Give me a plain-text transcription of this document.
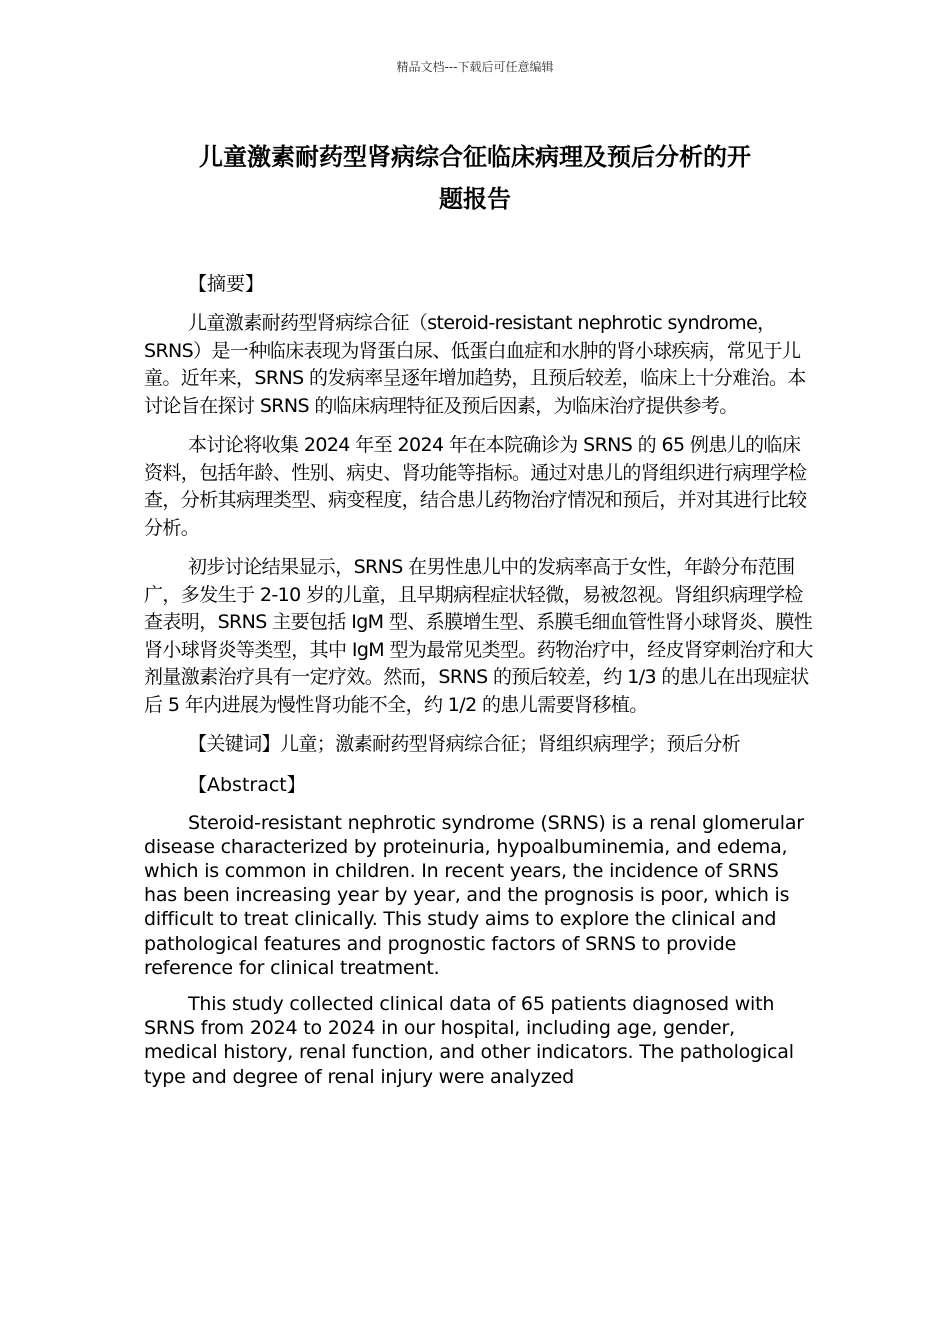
精品文档---下载后可任意编辑
儿童激素耐药型肾病综合征临床病理及预后分析的开
题报告

【摘要】

儿童激素耐药型肾病综合征（steroid-resistant nephrotic syndrome，SRNS）是一种临床表现为肾蛋白尿、低蛋白血症和水肿的肾小球疾病，常见于儿童。近年来，SRNS 的发病率呈逐年增加趋势，且预后较差，临床上十分难治。本讨论旨在探讨 SRNS 的临床病理特征及预后因素，为临床治疗提供参考。

本讨论将收集 2024 年至 2024 年在本院确诊为 SRNS 的 65 例患儿的临床资料，包括年龄、性别、病史、肾功能等指标。通过对患儿的肾组织进行病理学检查，分析其病理类型、病变程度，结合患儿药物治疗情况和预后，并对其进行比较分析。

初步讨论结果显示，SRNS 在男性患儿中的发病率高于女性，年龄分布范围广，多发生于 2-10 岁的儿童，且早期病程症状轻微，易被忽视。肾组织病理学检查表明，SRNS 主要包括 IgM 型、系膜增生型、系膜毛细血管性肾小球肾炎、膜性肾小球肾炎等类型，其中 IgM 型为最常见类型。药物治疗中，经皮肾穿刺治疗和大剂量激素治疗具有一定疗效。然而，SRNS 的预后较差，约 1/3 的患儿在出现症状后 5 年内进展为慢性肾功能不全，约 1/2 的患儿需要肾移植。

【关键词】儿童；激素耐药型肾病综合征；肾组织病理学；预后分析

【Abstract】

Steroid-resistant nephrotic syndrome (SRNS) is a renal glomerular disease characterized by proteinuria, hypoalbuminemia, and edema, which is common in children. In recent years, the incidence of SRNS has been increasing year by year, and the prognosis is poor, which is difficult to treat clinically. This study aims to explore the clinical and pathological features and prognostic factors of SRNS to provide reference for clinical treatment.

This study collected clinical data of 65 patients diagnosed with SRNS from 2024 to 2024 in our hospital, including age, gender, medical history, renal function, and other indicators. The pathological type and degree of renal injury were analyzed
